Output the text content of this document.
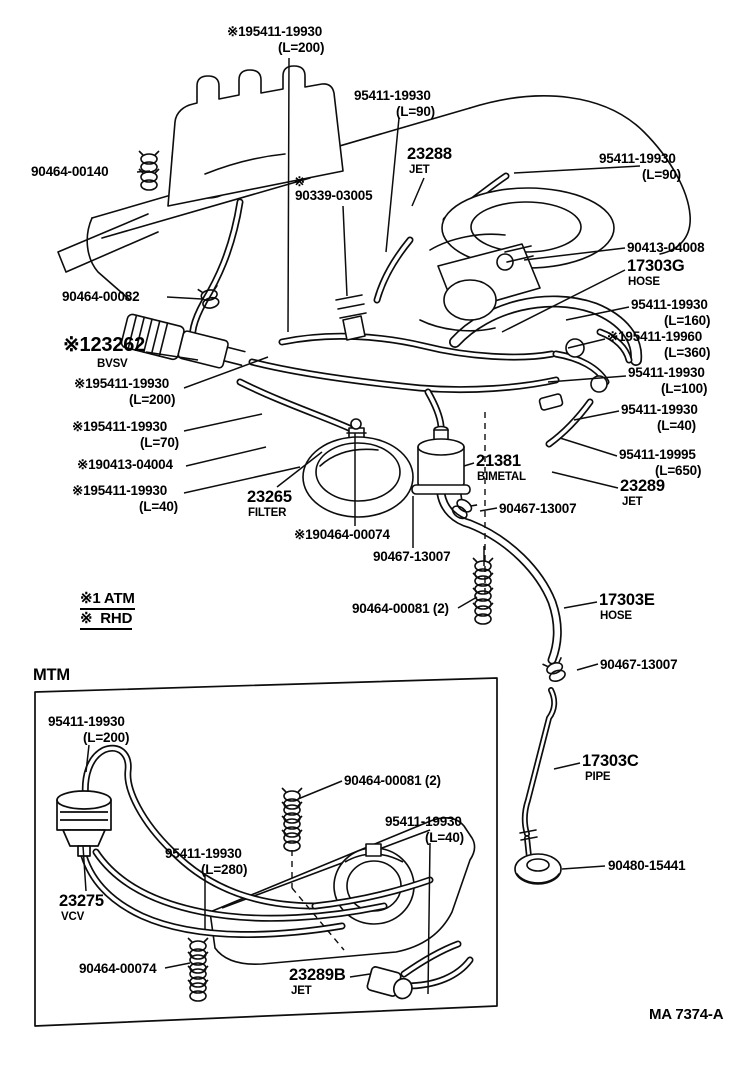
※195411-19930
(L=200)
95411-19930
(L=90)
23288
JET
95411-19930
(L=90)
90464-00140
※
90339-03005
90413-04008
17303G
HOSE
95411-19930
(L=160)
※195411-19960
(L=360)
95411-19930
(L=100)
95411-19930
(L=40)
95411-19995
(L=650)
23289
JET
90464-00082
※123262
BVSV
※195411-19930
(L=200)
※195411-19930
(L=70)
※190413-04004
※195411-19930
(L=40)
23265
FILTER
21381
BIMETAL
90467-13007
※190464-00074
90467-13007
90464-00081 (2)	17303E
HOSE
90467-13007
※1 ATM
※  RHD
MTM
95411-19930
(L=200)
95411-19930
(L=280)
23275
VCV
90464-00074	23289B
JET
90464-00081 (2)
95411-19930
(L=40)
17303C
PIPE
90480-15441
MA 7374-A
